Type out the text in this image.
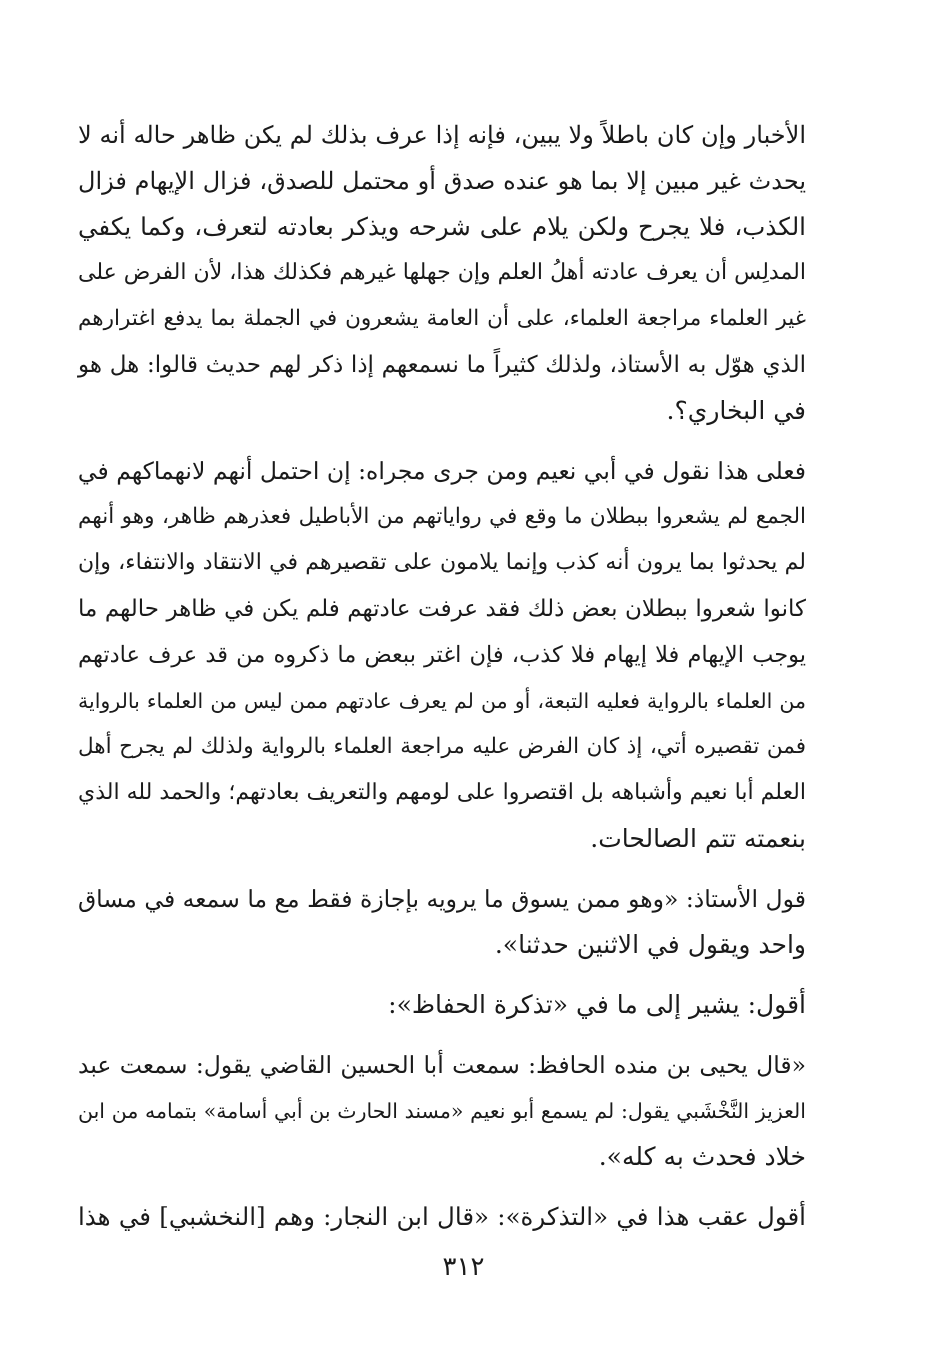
الأخبار وإن كان باطلاً ولا يبين، فإنه إذا عرف بذلك لم يكن ظاهر حاله أنه لا
يحدث غير مبين إلا بما هو عنده صدق أو محتمل للصدق، فزال الإيهام فزال
الكذب، فلا يجرح ولكن يلام على شرحه ويذكر بعادته لتعرف، وكما يكفي
المدلِس أن يعرف عادته أهلُ العلم وإن جهلها غيرهم فكذلك هذا، لأن الفرض على
غير العلماء مراجعة العلماء، على أن العامة يشعرون في الجملة بما يدفع اغترارهم
الذي هوّل به الأستاذ، ولذلك كثيراً ما نسمعهم إذا ذكر لهم حديث قالوا: هل هو
في البخاري؟.

فعلى هذا نقول في أبي نعيم ومن جرى مجراه: إن احتمل أنهم لانهماكهم في
الجمع لم يشعروا ببطلان ما وقع في رواياتهم من الأباطيل فعذرهم ظاهر، وهو أنهم
لم يحدثوا بما يرون أنه كذب وإنما يلامون على تقصيرهم في الانتقاد والانتفاء، وإن
كانوا شعروا ببطلان بعض ذلك فقد عرفت عادتهم فلم يكن في ظاهر حالهم ما
يوجب الإيهام فلا إيهام فلا كذب، فإن اغتر ببعض ما ذكروه من قد عرف عادتهم
من العلماء بالرواية فعليه التبعة، أو من لم يعرف عادتهم ممن ليس من العلماء بالرواية
فمن تقصيره أتي، إذ كان الفرض عليه مراجعة العلماء بالرواية ولذلك لم يجرح أهل
العلم أبا نعيم وأشباهه بل اقتصروا على لومهم والتعريف بعادتهم؛ والحمد لله الذي
بنعمته تتم الصالحات.

قول الأستاذ: «وهو ممن يسوق ما يرويه بإجازة فقط مع ما سمعه في مساق
واحد ويقول في الاثنين حدثنا».

أقول: يشير إلى ما في «تذكرة الحفاظ»:

«قال يحيى بن منده الحافظ: سمعت أبا الحسين القاضي يقول: سمعت عبد
العزيز النَّخْشَبي يقول: لم يسمع أبو نعيم «مسند الحارث بن أبي أسامة» بتمامه من ابن
خلاد فحدث به كله».

أقول عقب هذا في «التذكرة»: «قال ابن النجار: وهم [النخشبي] في هذا

٣١٢
